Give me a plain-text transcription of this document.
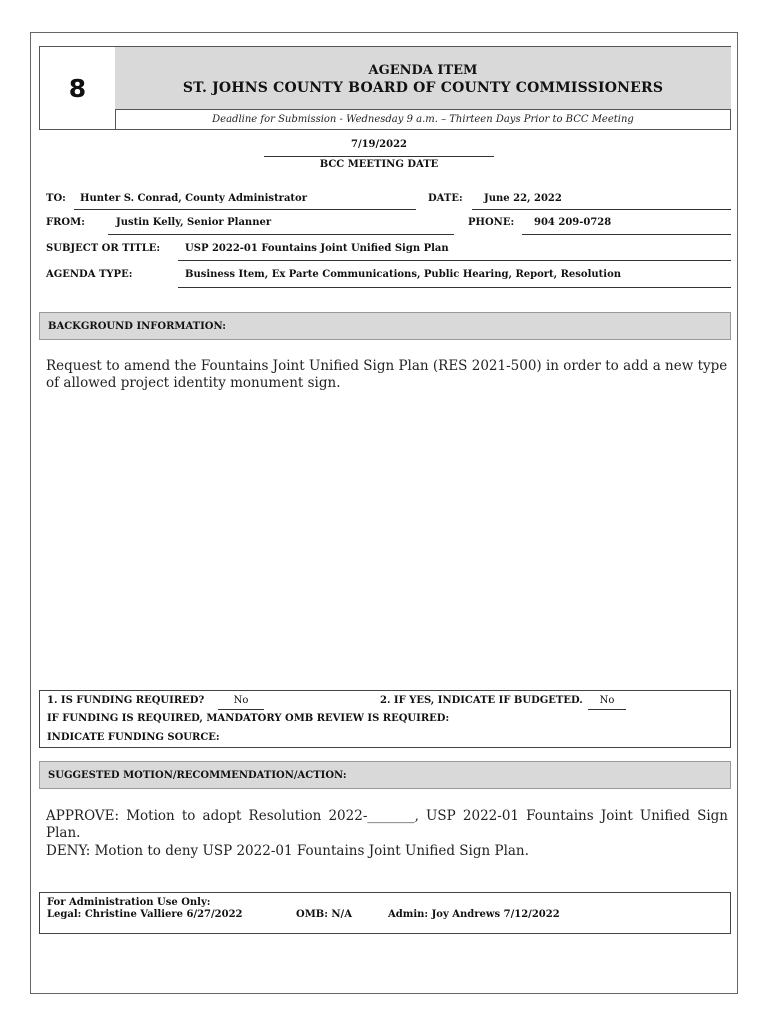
8
AGENDA ITEM
ST. JOHNS COUNTY BOARD OF COUNTY COMMISSIONERS
Deadline for Submission - Wednesday 9 a.m. – Thirteen Days Prior to BCC Meeting
7/19/2022
BCC MEETING DATE
TO:	Hunter S. Conrad, County Administrator	DATE:	June 22, 2022
FROM:	Justin Kelly, Senior Planner	PHONE:	904 209-0728
SUBJECT OR TITLE:	USP 2022-01 Fountains Joint Unified Sign Plan
AGENDA TYPE:	Business Item, Ex Parte Communications, Public Hearing, Report, Resolution
BACKGROUND INFORMATION:
Request to amend the Fountains Joint Unified Sign Plan (RES 2021-500) in order to add a new type of allowed project identity monument sign.
1. IS FUNDING REQUIRED?	No	2. IF YES, INDICATE IF BUDGETED.	No
IF FUNDING IS REQUIRED, MANDATORY OMB REVIEW IS REQUIRED:
INDICATE FUNDING SOURCE:
SUGGESTED MOTION/RECOMMENDATION/ACTION:
APPROVE: Motion to adopt Resolution 2022-_______, USP 2022-01 Fountains Joint Unified Sign Plan.
DENY: Motion to deny USP 2022-01 Fountains Joint Unified Sign Plan.
For Administration Use Only:
Legal: Christine Valliere 6/27/2022	OMB: N/A	Admin: Joy Andrews 7/12/2022
